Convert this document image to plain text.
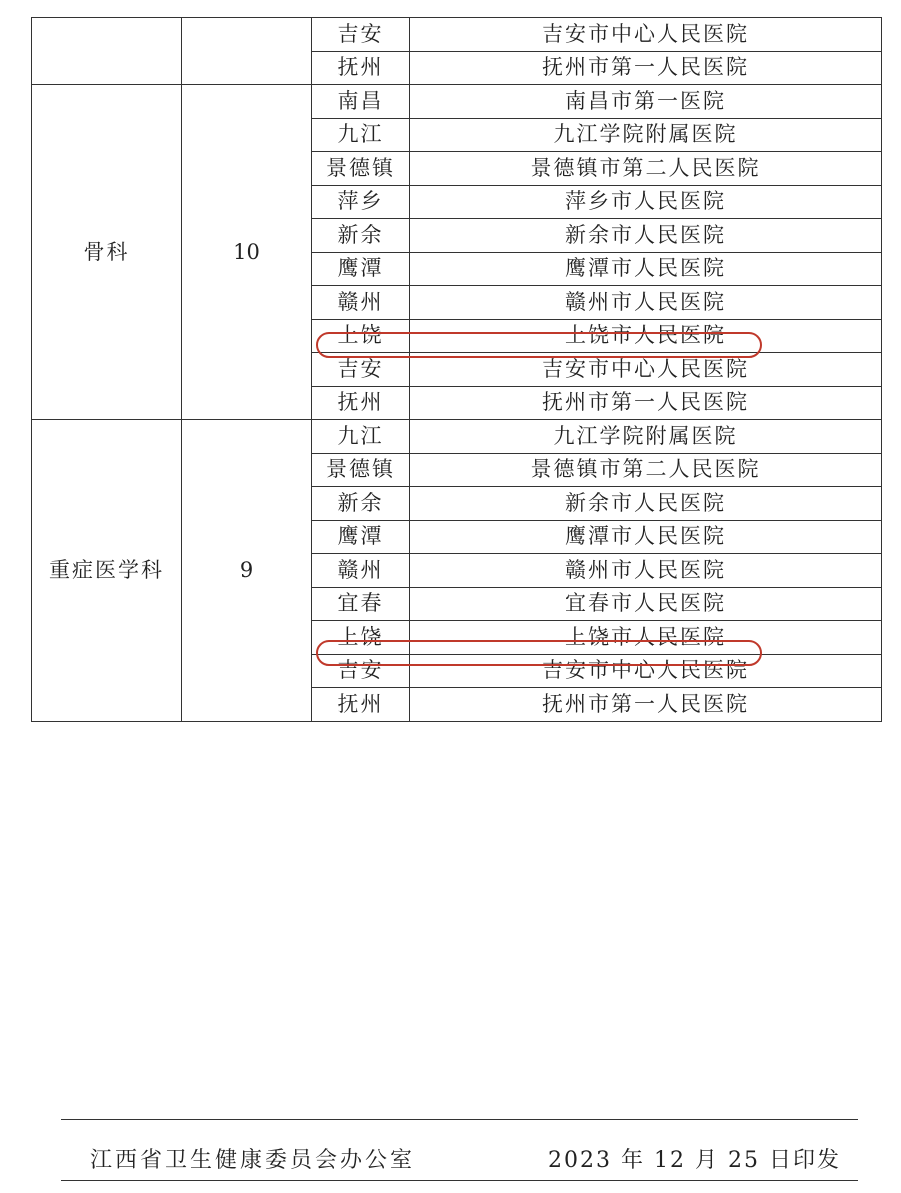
		吉安	吉安市中心人民医院
		抚州	抚州市第一人民医院
骨科	10	南昌	南昌市第一医院
		九江	九江学院附属医院
		景德镇	景德镇市第二人民医院
		萍乡	萍乡市人民医院
		新余	新余市人民医院
		鹰潭	鹰潭市人民医院
		赣州	赣州市人民医院
		上饶	上饶市人民医院
		吉安	吉安市中心人民医院
		抚州	抚州市第一人民医院
重症医学科	9	九江	九江学院附属医院
		景德镇	景德镇市第二人民医院
		新余	新余市人民医院
		鹰潭	鹰潭市人民医院
		赣州	赣州市人民医院
		宜春	宜春市人民医院
		上饶	上饶市人民医院
		吉安	吉安市中心人民医院
		抚州	抚州市第一人民医院
江西省卫生健康委员会办公室	2023 年 12 月 25 日印发
